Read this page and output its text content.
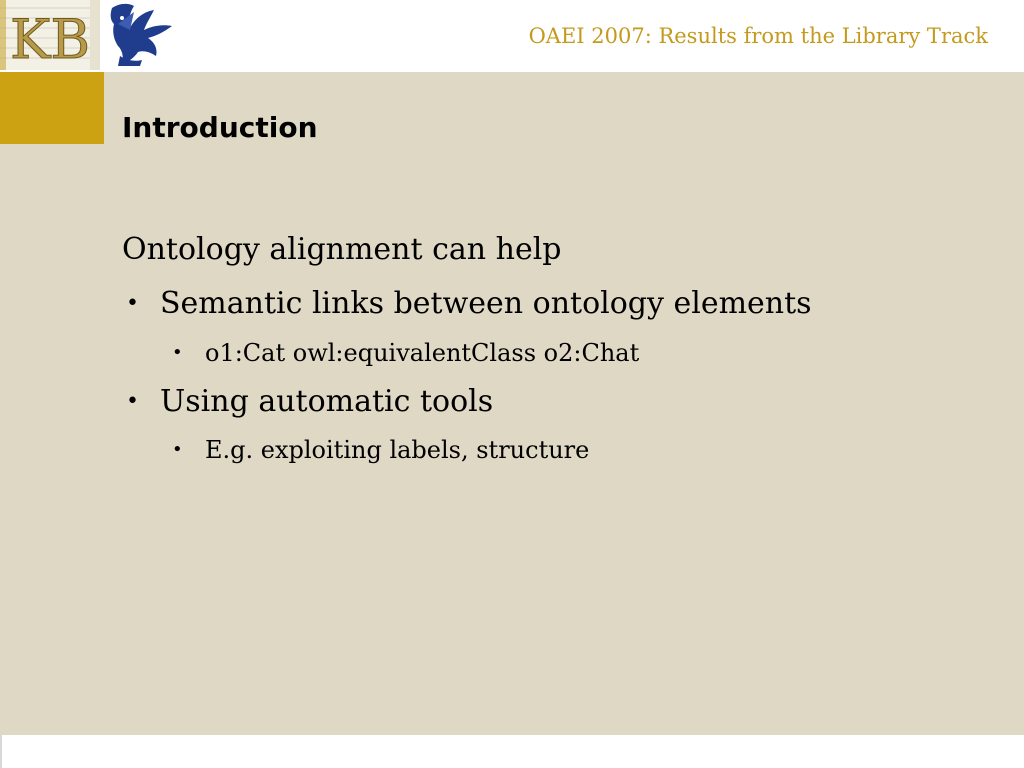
KB	OAEI 2007: Results from the Library Track
Introduction
Ontology alignment can help
• Semantic links between ontology elements
• o1:Cat owl:equivalentClass o2:Chat
• Using automatic tools
• E.g. exploiting labels, structure
